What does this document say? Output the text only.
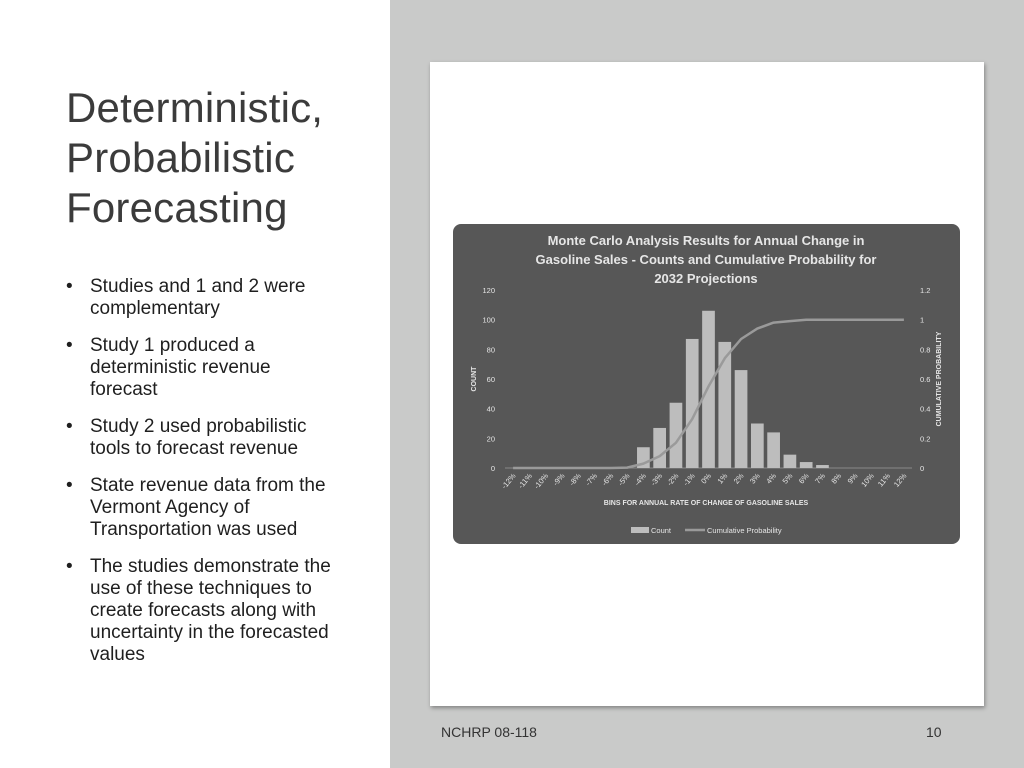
Deterministic,
Probabilistic
Forecasting
• Studies and 1 and 2 were complementary
• Study 1 produced a deterministic revenue forecast
• Study 2 used probabilistic tools to forecast revenue
• State revenue data from the Vermont Agency of Transportation was used
• The studies demonstrate the use of these techniques to create forecasts along with uncertainty in the forecasted values
Monte Carlo Analysis Results for Annual Change in
Gasoline Sales - Counts and Cumulative Probability for
2032 Projections
0
20
40
60
80
100
120
0
0.2
0.4
0.6
0.8
1
1.2
COUNT	CUMULATIVE PROBABILITY
-12%
-11%
-10% -9% -8% -7% -6% -5% -4% -3% -2% -1% 0% 1% 2% 3% 4% 5% 6% 7% 8% 9% 10% 11% 12%
BINS FOR ANNUAL RATE OF CHANGE OF GASOLINE SALES
Count	Cumulative Probability
NCHRP 08-118	10
